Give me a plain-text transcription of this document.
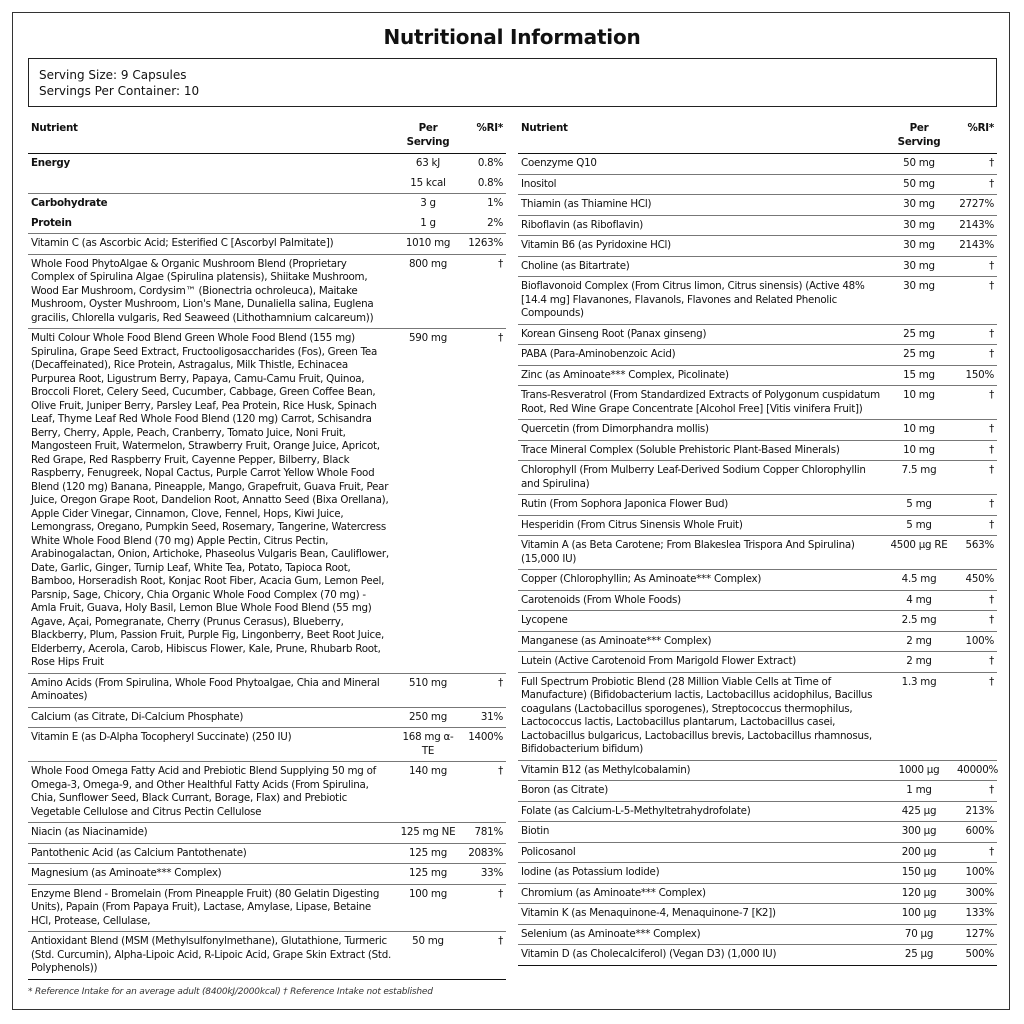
Nutritional Information
Serving Size: 9 Capsules
Servings Per Container: 10
Nutrient	Per Serving	%RI*
Energy	63 kJ	0.8%
	15 kcal	0.8%
Carbohydrate	3 g	1%
Protein	1 g	2%
Vitamin C (as Ascorbic Acid; Esterified C [Ascorbyl Palmitate])	1010 mg	1263%
Whole Food PhytoAlgae & Organic Mushroom Blend (Proprietary Complex of Spirulina Algae (Spirulina platensis), Shiitake Mushroom, Wood Ear Mushroom, Cordysim™ (Bionectria ochroleuca), Maitake Mushroom, Oyster Mushroom, Lion's Mane, Dunaliella salina, Euglena gracilis, Chlorella vulgaris, Red Seaweed (Lithothamnium calcareum))	800 mg	†
Multi Colour Whole Food Blend Green Whole Food Blend (155 mg) Spirulina, Grape Seed Extract, Fructooligosaccharides (Fos), Green Tea (Decaffeinated), Rice Protein, Astragalus, Milk Thistle, Echinacea Purpurea Root, Ligustrum Berry, Papaya, Camu-Camu Fruit, Quinoa, Broccoli Floret, Celery Seed, Cucumber, Cabbage, Green Coffee Bean, Olive Fruit, Juniper Berry, Parsley Leaf, Pea Protein, Rice Husk, Spinach Leaf, Thyme Leaf Red Whole Food Blend (120 mg) Carrot, Schisandra Berry, Cherry, Apple, Peach, Cranberry, Tomato Juice, Noni Fruit, Mangosteen Fruit, Watermelon, Strawberry Fruit, Orange Juice, Apricot, Red Grape, Red Raspberry Fruit, Cayenne Pepper, Bilberry, Black Raspberry, Fenugreek, Nopal Cactus, Purple Carrot Yellow Whole Food Blend (120 mg) Banana, Pineapple, Mango, Grapefruit, Guava Fruit, Pear Juice, Oregon Grape Root, Dandelion Root, Annatto Seed (Bixa Orellana), Apple Cider Vinegar, Cinnamon, Clove, Fennel, Hops, Kiwi Juice, Lemongrass, Oregano, Pumpkin Seed, Rosemary, Tangerine, Watercress White Whole Food Blend (70 mg) Apple Pectin, Citrus Pectin, Arabinogalactan, Onion, Artichoke, Phaseolus Vulgaris Bean, Cauliflower, Date, Garlic, Ginger, Turnip Leaf, White Tea, Potato, Tapioca Root, Bamboo, Horseradish Root, Konjac Root Fiber, Acacia Gum, Lemon Peel, Parsnip, Sage, Chicory, Chia Organic Whole Food Complex (70 mg) - Amla Fruit, Guava, Holy Basil, Lemon Blue Whole Food Blend (55 mg) Agave, Açai, Pomegranate, Cherry (Prunus Cerasus), Blueberry, Blackberry, Plum, Passion Fruit, Purple Fig, Lingonberry, Beet Root Juice, Elderberry, Acerola, Carob, Hibiscus Flower, Kale, Prune, Rhubarb Root, Rose Hips Fruit	590 mg	†
Amino Acids (From Spirulina, Whole Food Phytoalgae, Chia and Mineral Aminoates)	510 mg	†
Calcium (as Citrate, Di-Calcium Phosphate)	250 mg	31%
Vitamin E (as D-Alpha Tocopheryl Succinate) (250 IU)	168 mg α-TE	1400%
Whole Food Omega Fatty Acid and Prebiotic Blend Supplying 50 mg of Omega-3, Omega-9, and Other Healthful Fatty Acids (From Spirulina, Chia, Sunflower Seed, Black Currant, Borage, Flax) and Prebiotic Vegetable Cellulose and Citrus Pectin Cellulose	140 mg	†
Niacin (as Niacinamide)	125 mg NE	781%
Pantothenic Acid (as Calcium Pantothenate)	125 mg	2083%
Magnesium (as Aminoate*** Complex)	125 mg	33%
Enzyme Blend - Bromelain (From Pineapple Fruit) (80 Gelatin Digesting Units), Papain (From Papaya Fruit), Lactase, Amylase, Lipase, Betaine HCl, Protease, Cellulase,	100 mg	†
Antioxidant Blend (MSM (Methylsulfonylmethane), Glutathione, Turmeric (Std. Curcumin), Alpha-Lipoic Acid, R-Lipoic Acid, Grape Skin Extract (Std. Polyphenols))	50 mg	†
Nutrient	Per Serving	%RI*
Coenzyme Q10	50 mg	†
Inositol	50 mg	†
Thiamin (as Thiamine HCl)	30 mg	2727%
Riboflavin (as Riboflavin)	30 mg	2143%
Vitamin B6 (as Pyridoxine HCl)	30 mg	2143%
Choline (as Bitartrate)	30 mg	†
Bioflavonoid Complex (From Citrus limon, Citrus sinensis) (Active 48% [14.4 mg] Flavanones, Flavanols, Flavones and Related Phenolic Compounds)	30 mg	†
Korean Ginseng Root (Panax ginseng)	25 mg	†
PABA (Para-Aminobenzoic Acid)	25 mg	†
Zinc (as Aminoate*** Complex, Picolinate)	15 mg	150%
Trans-Resveratrol (From Standardized Extracts of Polygonum cuspidatum Root, Red Wine Grape Concentrate [Alcohol Free] [Vitis vinifera Fruit])	10 mg	†
Quercetin (from Dimorphandra mollis)	10 mg	†
Trace Mineral Complex (Soluble Prehistoric Plant-Based Minerals)	10 mg	†
Chlorophyll (From Mulberry Leaf-Derived Sodium Copper Chlorophyllin and Spirulina)	7.5 mg	†
Rutin (From Sophora Japonica Flower Bud)	5 mg	†
Hesperidin (From Citrus Sinensis Whole Fruit)	5 mg	†
Vitamin A (as Beta Carotene; From Blakeslea Trispora And Spirulina) (15,000 IU)	4500 µg RE	563%
Copper (Chlorophyllin; As Aminoate*** Complex)	4.5 mg	450%
Carotenoids (From Whole Foods)	4 mg	†
Lycopene	2.5 mg	†
Manganese (as Aminoate*** Complex)	2 mg	100%
Lutein (Active Carotenoid From Marigold Flower Extract)	2 mg	†
Full Spectrum Probiotic Blend (28 Million Viable Cells at Time of Manufacture) (Bifidobacterium lactis, Lactobacillus acidophilus, Bacillus coagulans (Lactobacillus sporogenes), Streptococcus thermophilus, Lactococcus lactis, Lactobacillus plantarum, Lactobacillus casei, Lactobacillus bulgaricus, Lactobacillus brevis, Lactobacillus rhamnosus, Bifidobacterium bifidum)	1.3 mg	†
Vitamin B12 (as Methylcobalamin)	1000 µg	40000%
Boron (as Citrate)	1 mg	†
Folate (as Calcium-L-5-Methyltetrahydrofolate)	425 µg	213%
Biotin	300 µg	600%
Policosanol	200 µg	†
Iodine (as Potassium Iodide)	150 µg	100%
Chromium (as Aminoate*** Complex)	120 µg	300%
Vitamin K (as Menaquinone-4, Menaquinone-7 [K2])	100 µg	133%
Selenium (as Aminoate*** Complex)	70 µg	127%
Vitamin D (as Cholecalciferol) (Vegan D3) (1,000 IU)	25 µg	500%
* Reference Intake for an average adult (8400kJ/2000kcal) † Reference Intake not established
